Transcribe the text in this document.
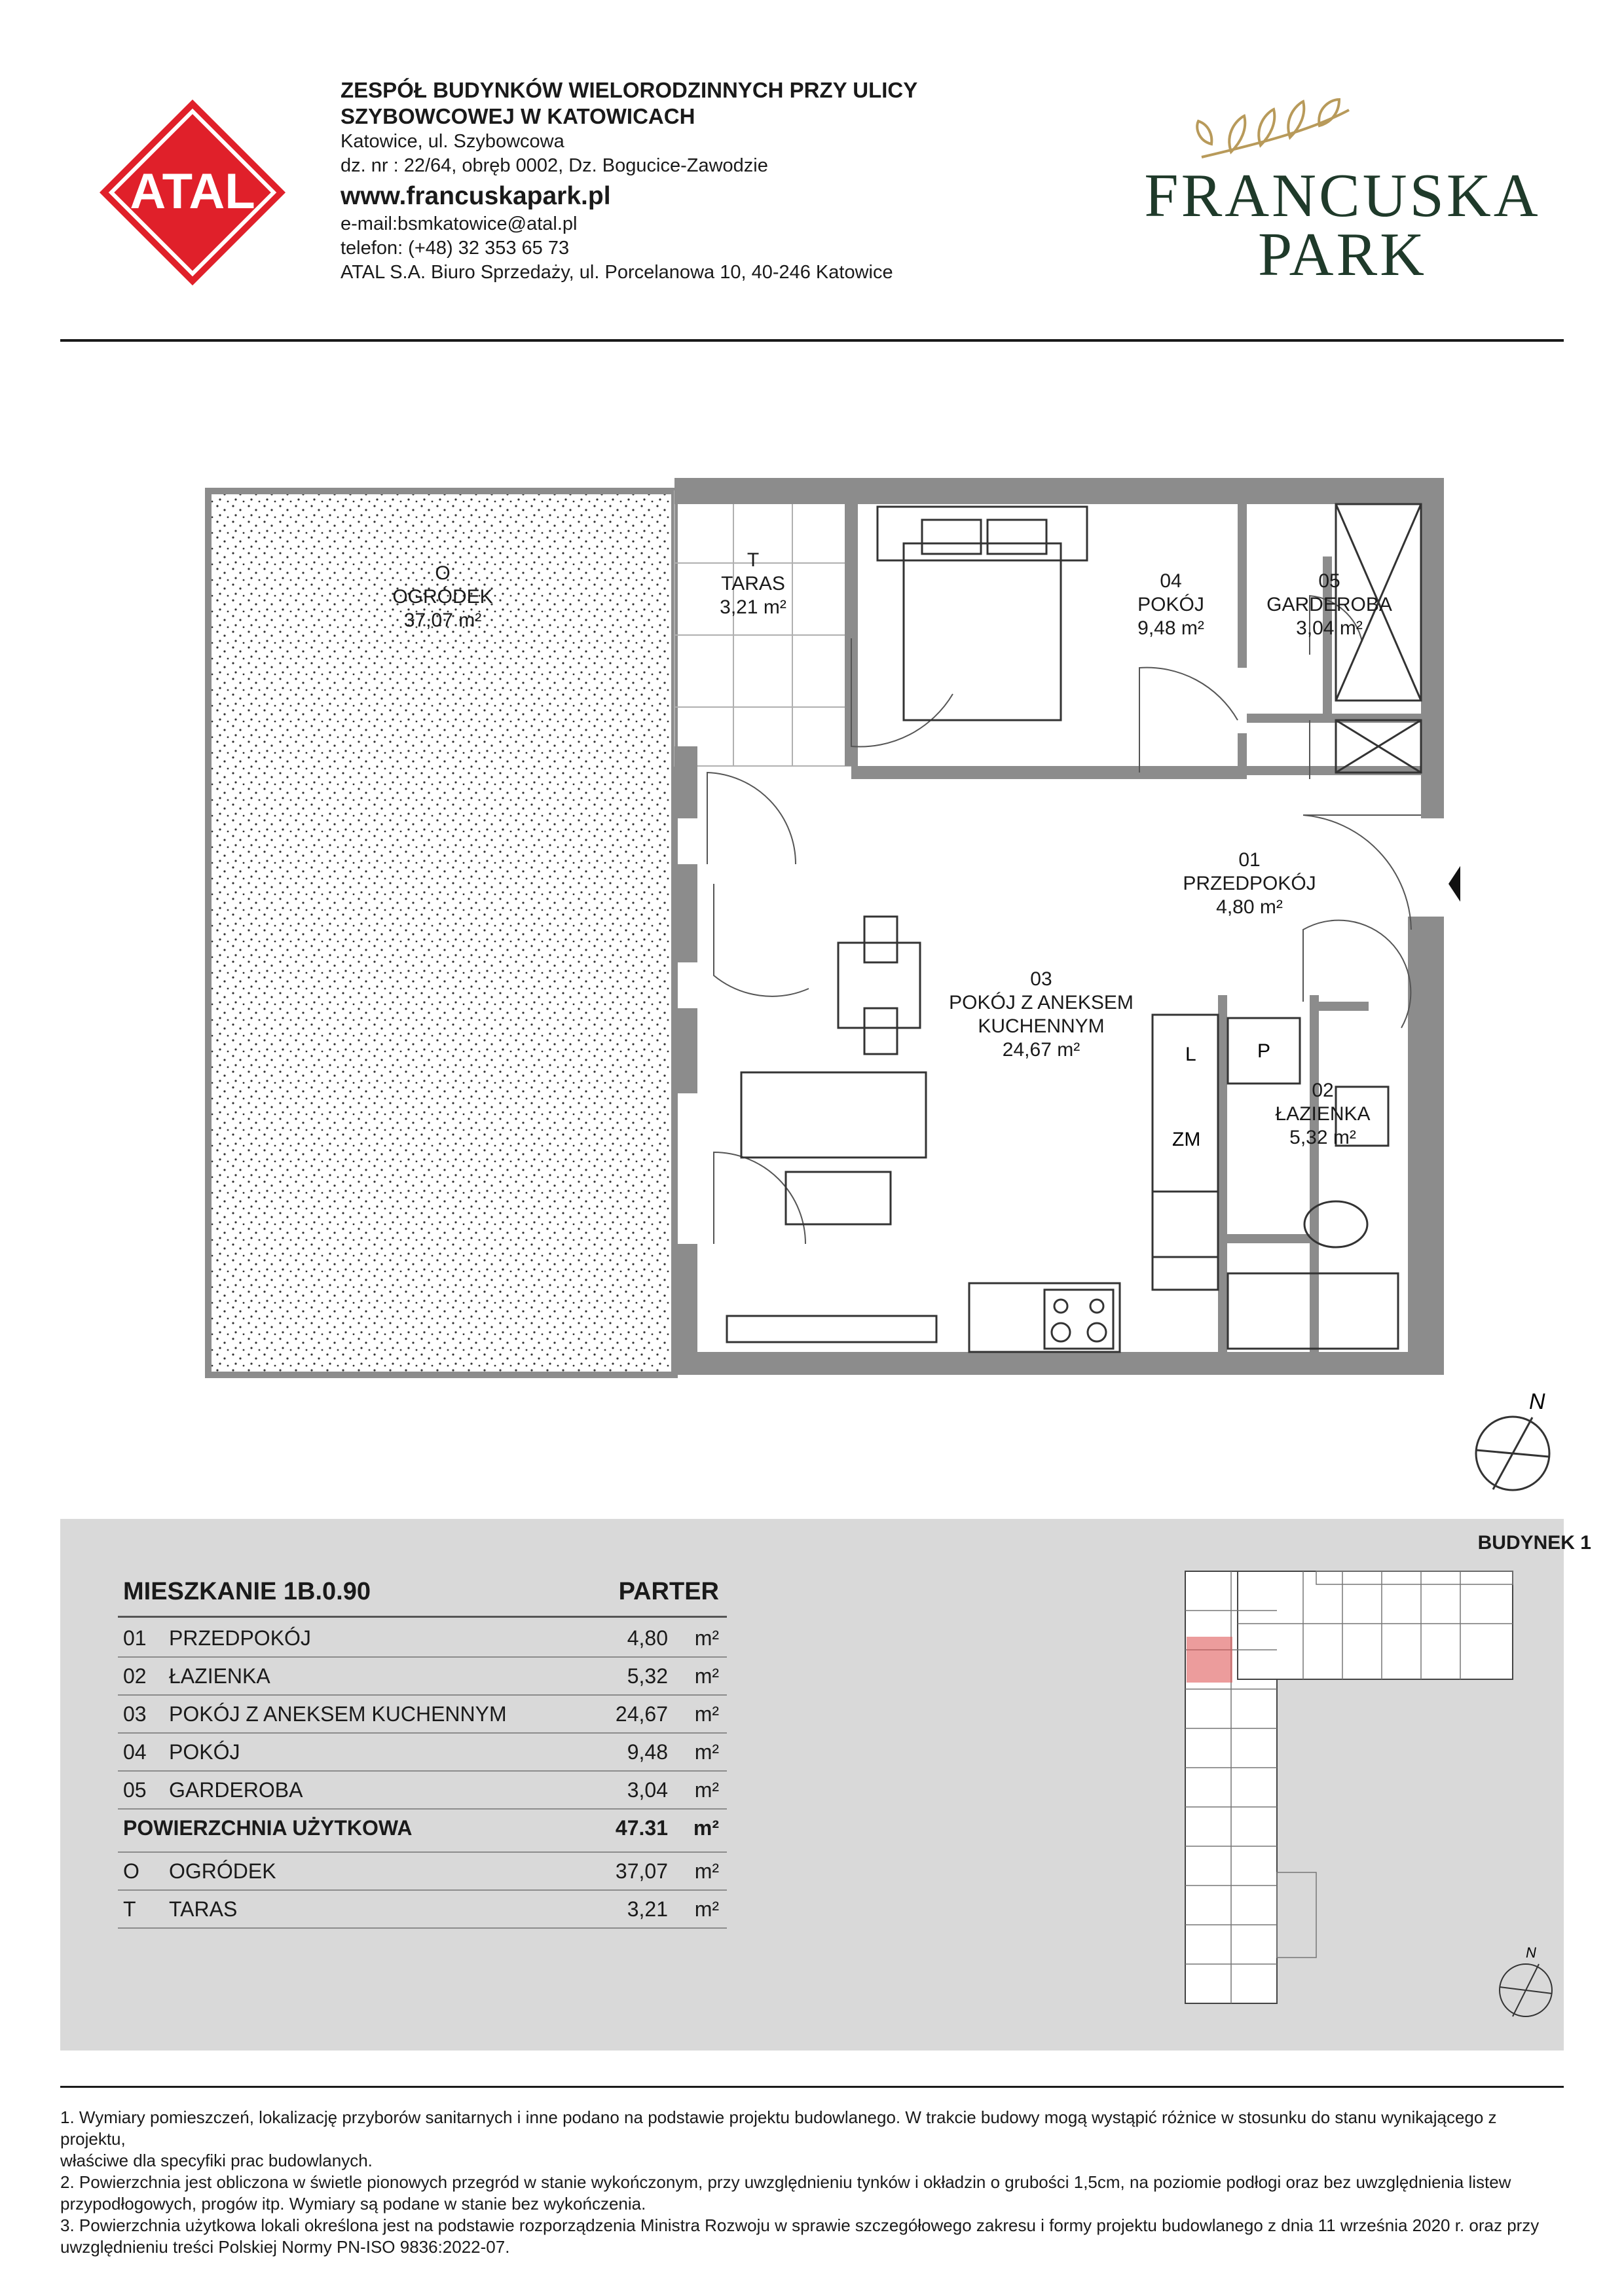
ATAL
ZESPÓŁ BUDYNKÓW WIELORODZINNYCH PRZY ULICY
SZYBOWCOWEJ W KATOWICACH
Katowice, ul. Szybowcowa
dz. nr : 22/64, obręb 0002, Dz. Bogucice-Zawodzie
www.francuskapark.pl
e-mail:bsmkatowice@atal.pl
telefon: (+48) 32 353 65 73
ATAL S.A. Biuro Sprzedaży, ul. Porcelanowa 10, 40-246 Katowice
FRANCUSKA
PARK
L	P
ZM
O
OGRÓDEK
37,07 m²
T
TARAS
3,21 m²
04
POKÓJ
9,48 m²
05
GARDEROBA
3,04 m²
01
PRZEDPOKÓJ
4,80 m²
03
POKÓJ Z ANEKSEM
KUCHENNYM
24,67 m²
02
ŁAZIENKA
5,32 m²
N
MIESZKANIE 1B.0.90	PARTER
01 PRZEDPOKÓJ	4,80 m²
02 ŁAZIENKA	5,32 m²
03 POKÓJ Z ANEKSEM KUCHENNYM	24,67 m²
04 POKÓJ	9,48 m²
05 GARDEROBA	3,04 m²
POWIERZCHNIA UŻYTKOWA	47.31 m²
O OGRÓDEK	37,07 m²
T TARAS	3,21 m²
BUDYNEK 1
N
1. Wymiary pomieszczeń, lokalizację przyborów sanitarnych i inne podano na podstawie projektu budowlanego. W trakcie budowy mogą wystąpić różnice w stosunku do stanu wynikającego z projektu,
właściwe dla specyfiki prac budowlanych.
2. Powierzchnia jest obliczona w świetle pionowych przegród w stanie wykończonym, przy uwzględnieniu tynków i okładzin o grubości 1,5cm, na poziomie podłogi oraz bez uwzględnienia listew
przypodłogowych, progów itp. Wymiary są podane w stanie bez wykończenia.
3. Powierzchnia użytkowa lokali określona jest na podstawie rozporządzenia Ministra Rozwoju w sprawie szczegółowego zakresu i formy projektu budowlanego z dnia 11 września 2020 r. oraz przy
uwzględnieniu treści Polskiej Normy PN-ISO 9836:2022-07.
